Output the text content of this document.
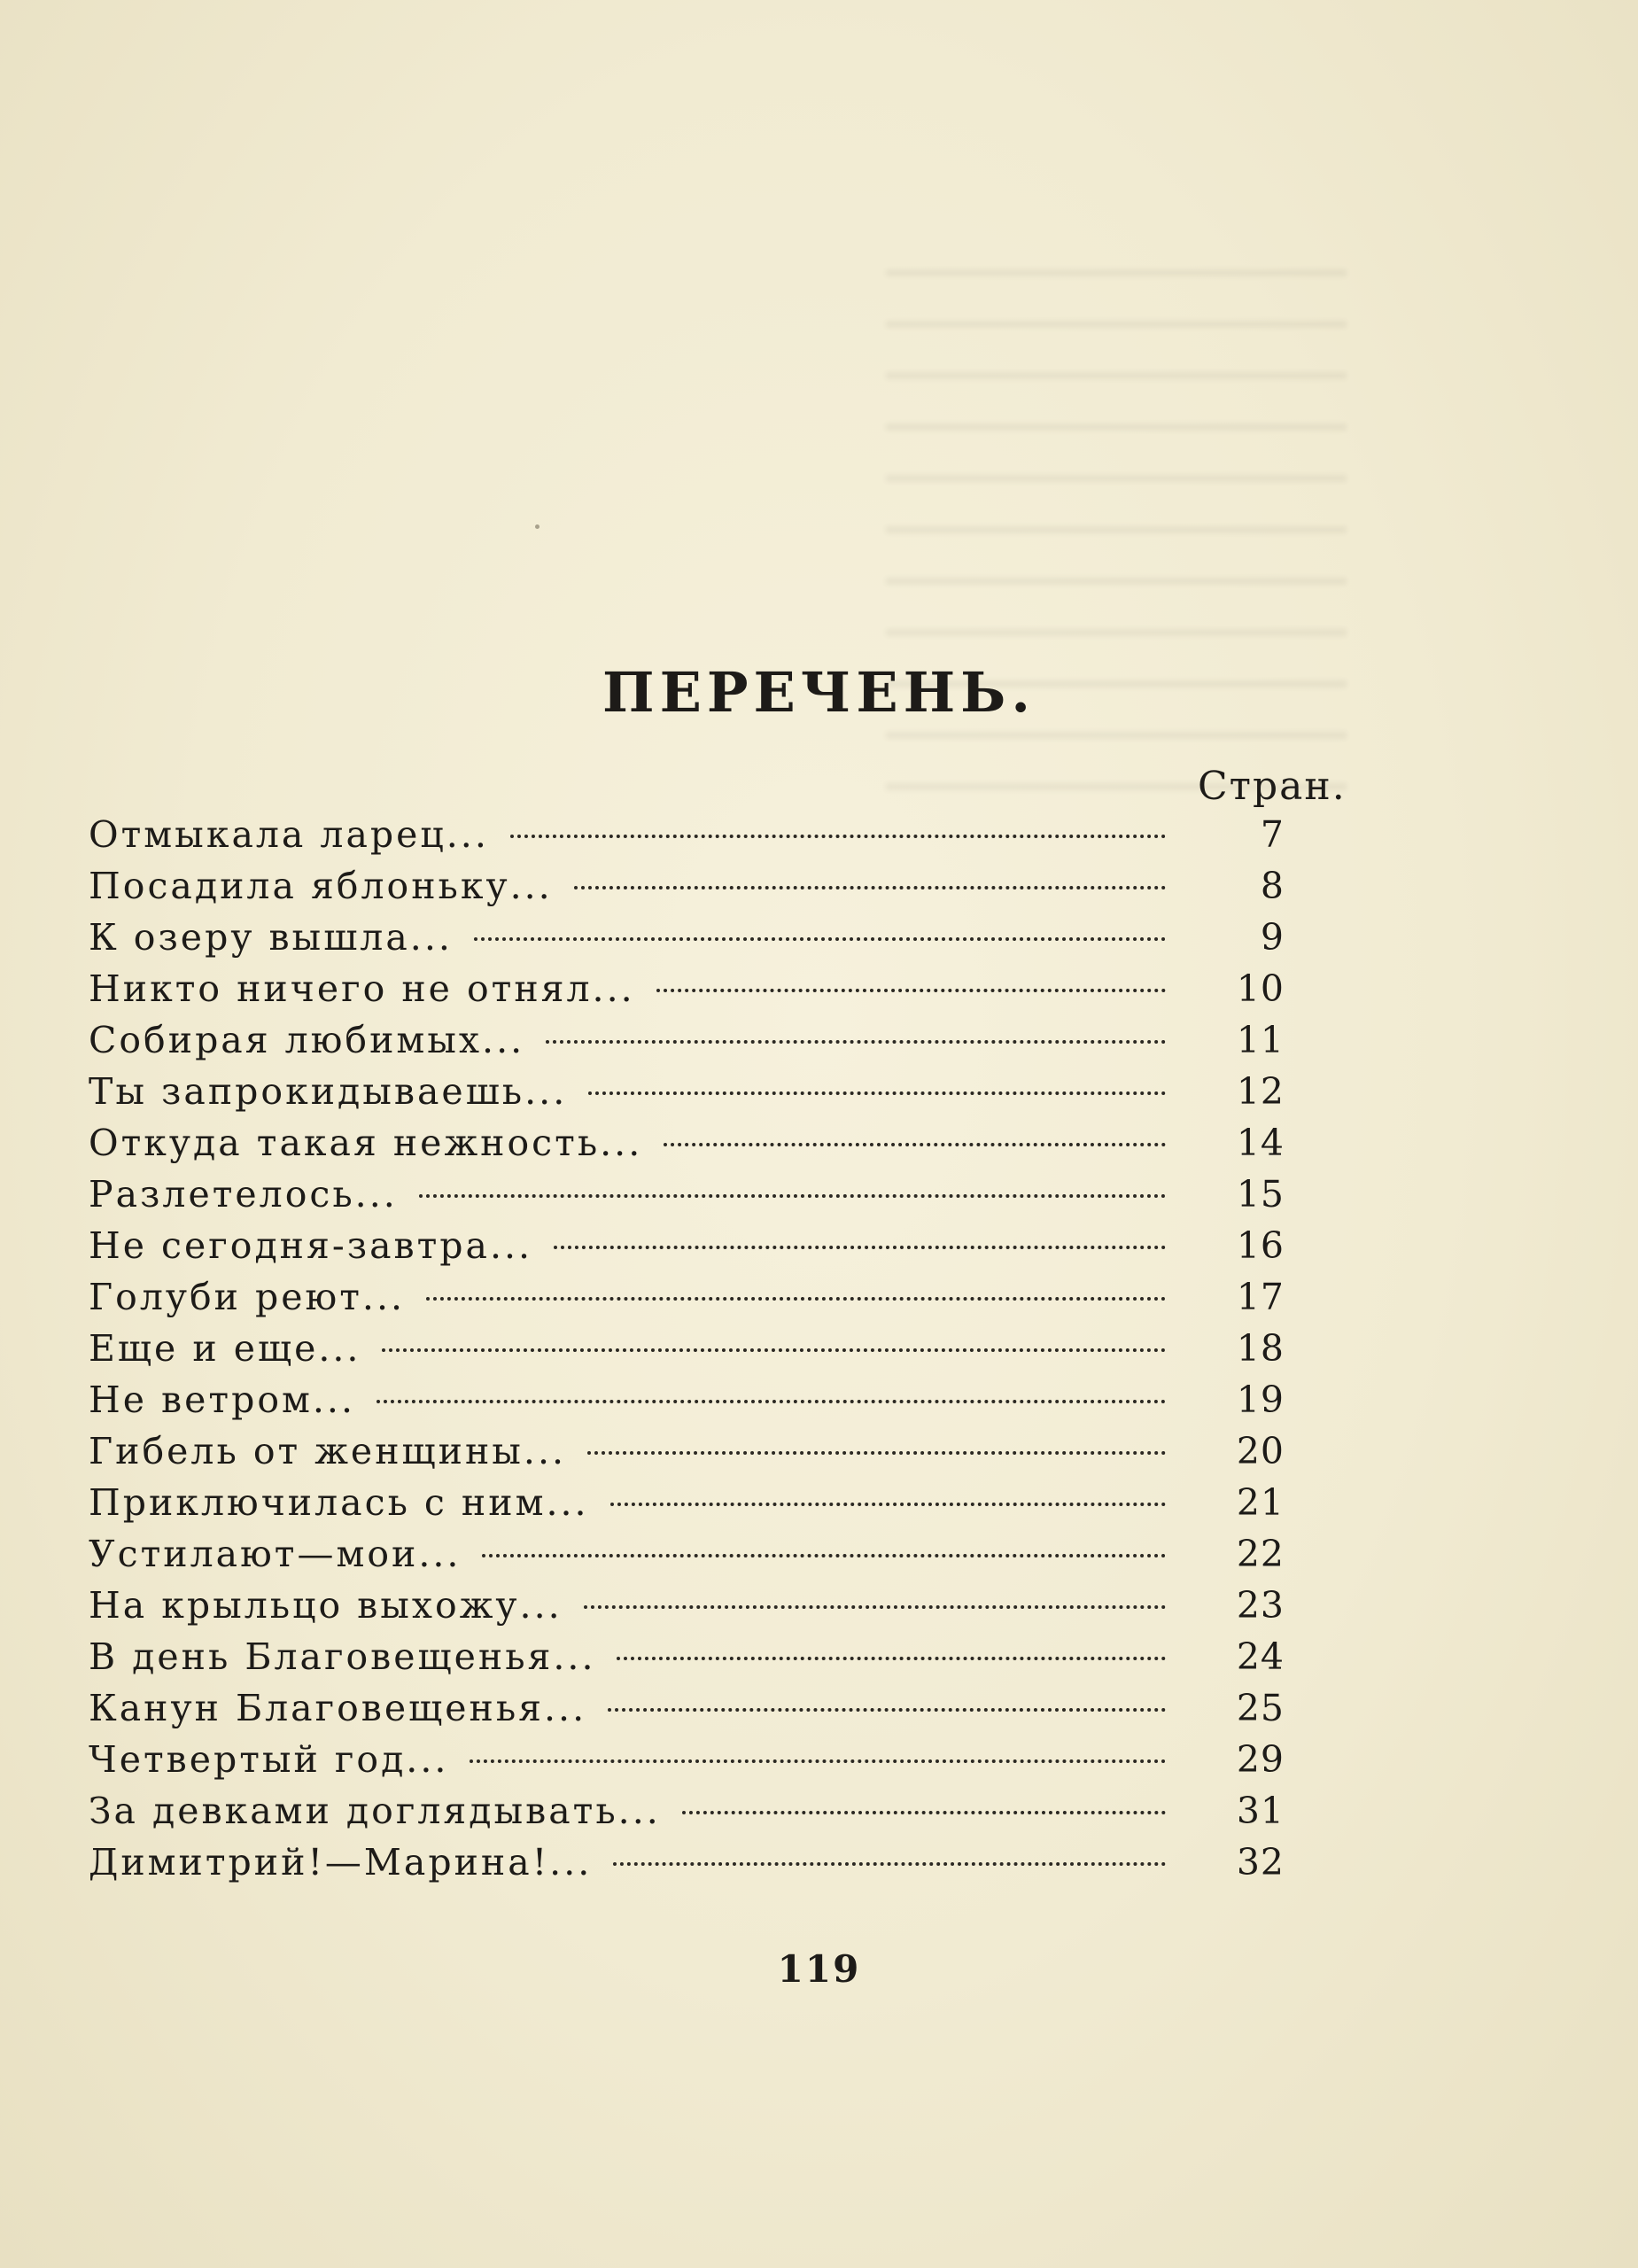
ПЕРЕЧЕНЬ.
Стран.
Отмыкала ларец...	7
Посадила яблоньку...	8
К озеру вышла...	9
Никто ничего не отнял...	10
Собирая любимых...	11
Ты запрокидываешь...	12
Откуда такая нежность...	14
Разлетелось...	15
Не сегодня-завтра...	16
Голуби реют...	17
Еще и еще...	18
Не ветром...	19
Гибель от женщины...	20
Приключилась с ним...	21
Устилают—мои...	22
На крыльцо выхожу...	23
В день Благовещенья...	24
Канун Благовещенья...	25
Четвертый год...	29
За девками доглядывать...	31
Димитрий!—Марина!...	32
119
